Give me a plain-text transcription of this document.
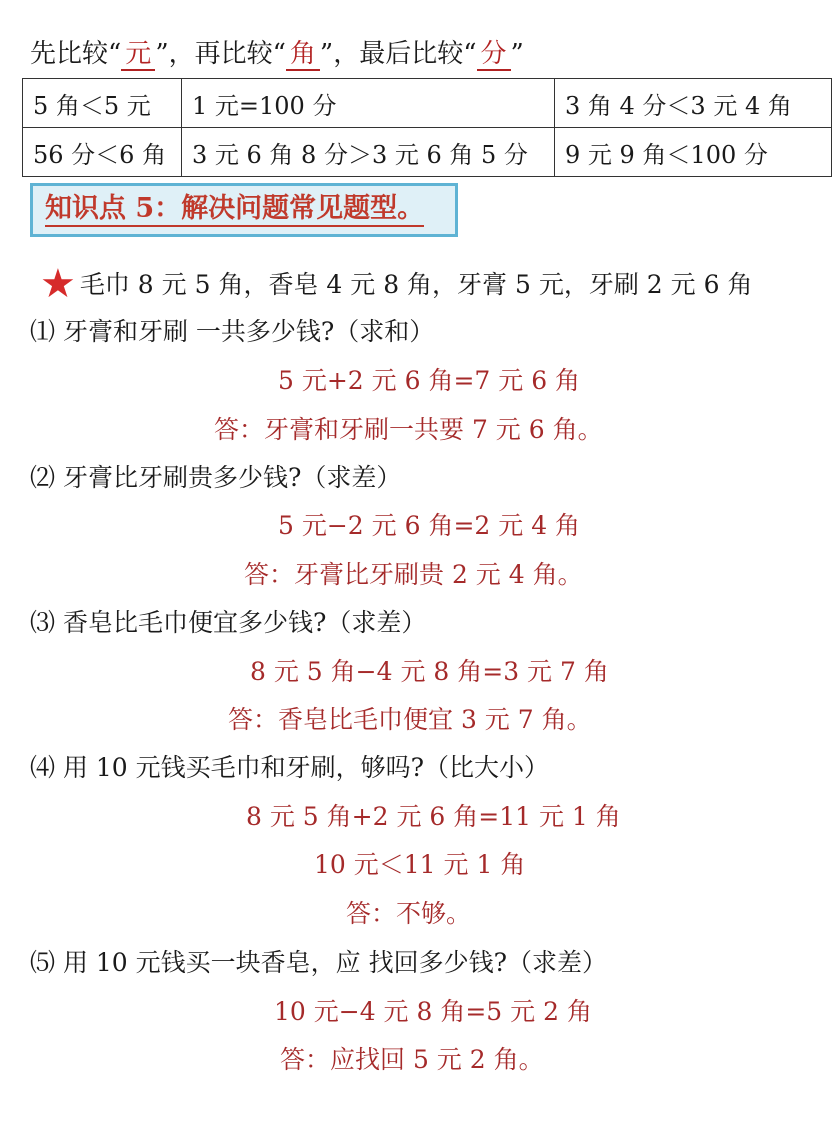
先比较“ 元 ”，再比较“ 角 ”，最后比较“ 分 ”
5 角＜5 元	1 元=100 分	3 角 4 分＜3 元 4 角
56 分＜6 角	3 元 6 角 8 分＞3 元 6 角 5 分	9 元 9 角＜100 分
知识点 5：解决问题常见题型。
★ 毛巾 8 元 5 角，香皂 4 元 8 角，牙膏 5 元，牙刷 2 元 6 角
⑴ 牙膏和牙刷 一共多少钱?（求和）
5 元+2 元 6 角=7 元 6 角
答：牙膏和牙刷一共要 7 元 6 角。
⑵ 牙膏比牙刷贵多少钱?（求差）
5 元−2 元 6 角=2 元 4 角
答：牙膏比牙刷贵 2 元 4 角。
⑶ 香皂比毛巾便宜多少钱?（求差）
8 元 5 角−4 元 8 角=3 元 7 角
答：香皂比毛巾便宜 3 元 7 角。
⑷ 用 10 元钱买毛巾和牙刷，够吗?（比大小）
8 元 5 角+2 元 6 角=11 元 1 角
10 元＜11 元 1 角
答：不够。
⑸ 用 10 元钱买一块香皂，应 找回多少钱?（求差）
10 元−4 元 8 角=5 元 2 角
答：应找回 5 元 2 角。
